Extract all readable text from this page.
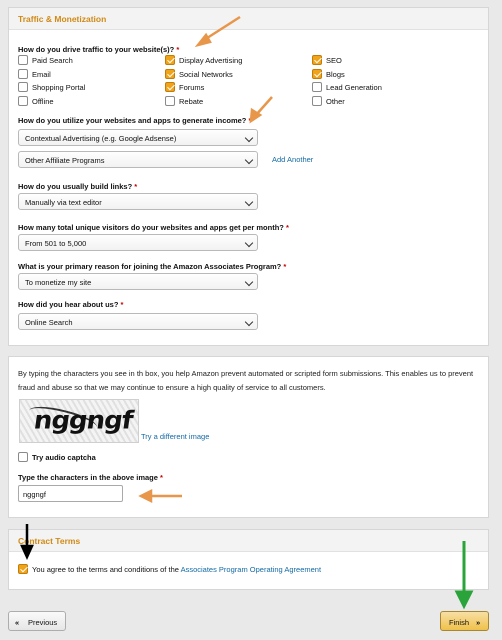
Traffic & Monetization
How do you drive traffic to your website(s)? *
Paid Search	Display Advertising	SEO
Email	Social Networks	Blogs
Shopping Portal	Forums	Lead Generation
Offline	Rebate	Other
How do you utilize your websites and apps to generate income? *
Contextual Advertising (e.g. Google Adsense)
Other Affiliate Programs	Add Another
How do you usually build links? *
Manually via text editor
How many total unique visitors do your websites and apps get per month? *
From 501 to 5,000
What is your primary reason for joining the Amazon Associates Program? *
To monetize my site
How did you hear about us? *
Online Search
By typing the characters you see in th box, you help Amazon prevent automated or scripted form submissions. This enables us to prevent fraud and abuse so that we may continue to ensure a high quality of service to all customers.
nggngf
Try a different image
Try audio captcha
Type the characters in the above image *
nggngf
Contract Terms
You agree to the terms and conditions of the Associates Program Operating Agreement
« Previous	Finish »
